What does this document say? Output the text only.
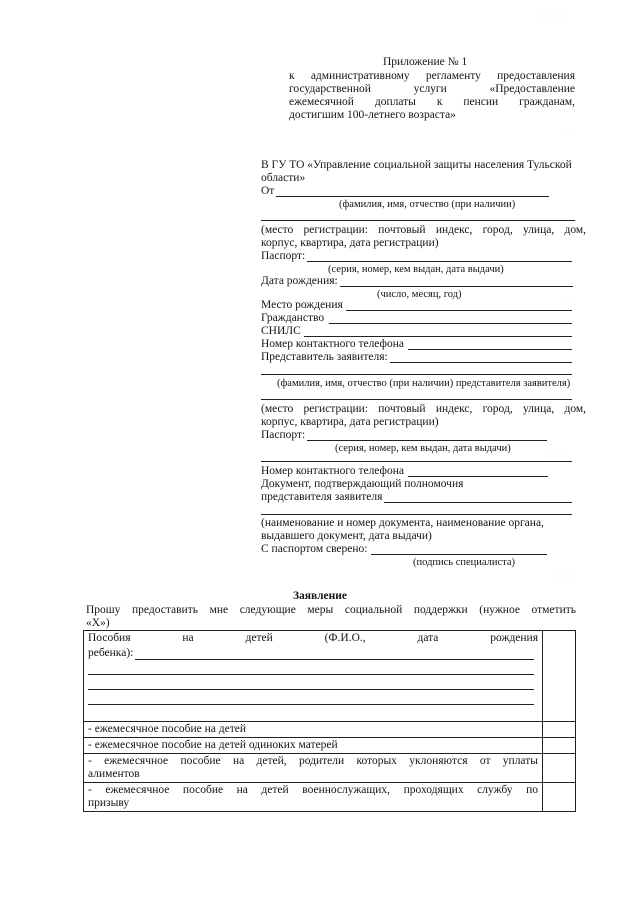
Приложение № 1
к административному регламенту предоставления
государственной услуги «Предоставление
ежемесячной доплаты к пенсии гражданам,
достигшим 100-летнего возраста»
В ГУ ТО «Управление социальной защиты населения Тульской
области»
От
(фамилия, имя, отчество (при наличии)
(место регистрации: почтовый индекс, город, улица, дом,
корпус, квартира, дата регистрации)
Паспорт:
(серия, номер, кем выдан, дата выдачи)
Дата рождения:
(число, месяц, год)
Место рождения
Гражданство
СНИЛС
Номер контактного телефона
Представитель заявителя:
(фамилия, имя, отчество (при наличии) представителя заявителя)
(место регистрации: почтовый индекс, город, улица, дом,
корпус, квартира, дата регистрации)
Паспорт:
(серия, номер, кем выдан, дата выдачи)
Номер контактного телефона
Документ, подтверждающий полномочия
представителя заявителя
(наименование и номер документа, наименование органа,
выдавшего документ, дата выдачи)
С паспортом сверено:
(подпись специалиста)
Заявление
Прошу предоставить мне следующие меры социальной поддержки (нужное отметить
«Х»)
Пособия на детей (Ф.И.О., дата рождения
ребенка):	

- ежемесячное пособие на детей	
- ежемесячное пособие на детей одиноких матерей	

- ежемесячное пособие на детей, родители которых уклоняются от уплаты
алиментов	

- ежемесячное пособие на детей военнослужащих, проходящих службу по
призыву	

· · · ·
· ·
· · ·
· · · ·
· · ·
